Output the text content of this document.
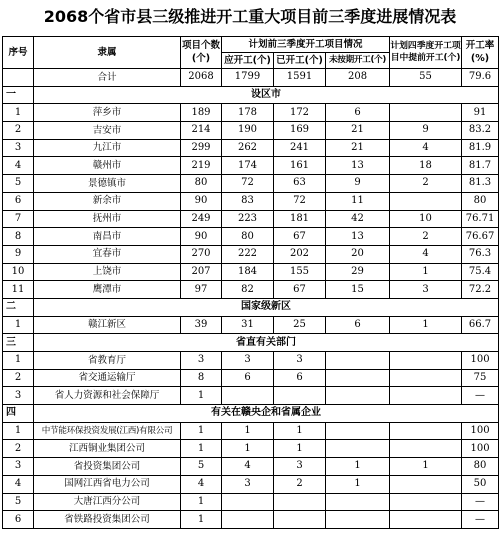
2068个省市县三级推进开工重大项目前三季度进展情况表
序号	隶属	项目个数(个)	计划前三季度开工项目情况			计划四季度开工项目中提前开工(个)	开工率(%)
			应开工(个)	已开工(个)	未按期开工(个)		
	合计	2068	1799	1591	208	55	79.6
一	设区市						
1	萍乡市	189	178	172	6		91
2	吉安市	214	190	169	21	9	83.2
3	九江市	299	262	241	21	4	81.9
4	赣州市	219	174	161	13	18	81.7
5	景德镇市	80	72	63	9	2	81.3
6	新余市	90	83	72	11		80
7	抚州市	249	223	181	42	10	76.71
8	南昌市	90	80	67	13	2	76.67
9	宜春市	270	222	202	20	4	76.3
10	上饶市	207	184	155	29	1	75.4
11	鹰潭市	97	82	67	15	3	72.2
二	国家级新区						
1	赣江新区	39	31	25	6	1	66.7
三	省直有关部门						
1	省教育厅	3	3	3			100
2	省交通运输厅	8	6	6			75
3	省人力资源和社会保障厅	1					—
四	有关在赣央企和省属企业						
1	中节能环保投资发展(江西)有限公司	1	1	1			100
2	江西铜业集团公司	1	1	1			100
3	省投资集团公司	5	4	3	1	1	80
4	国网江西省电力公司	4	3	2	1		50
5	大唐江西分公司	1					—
6	省铁路投资集团公司	1					—
